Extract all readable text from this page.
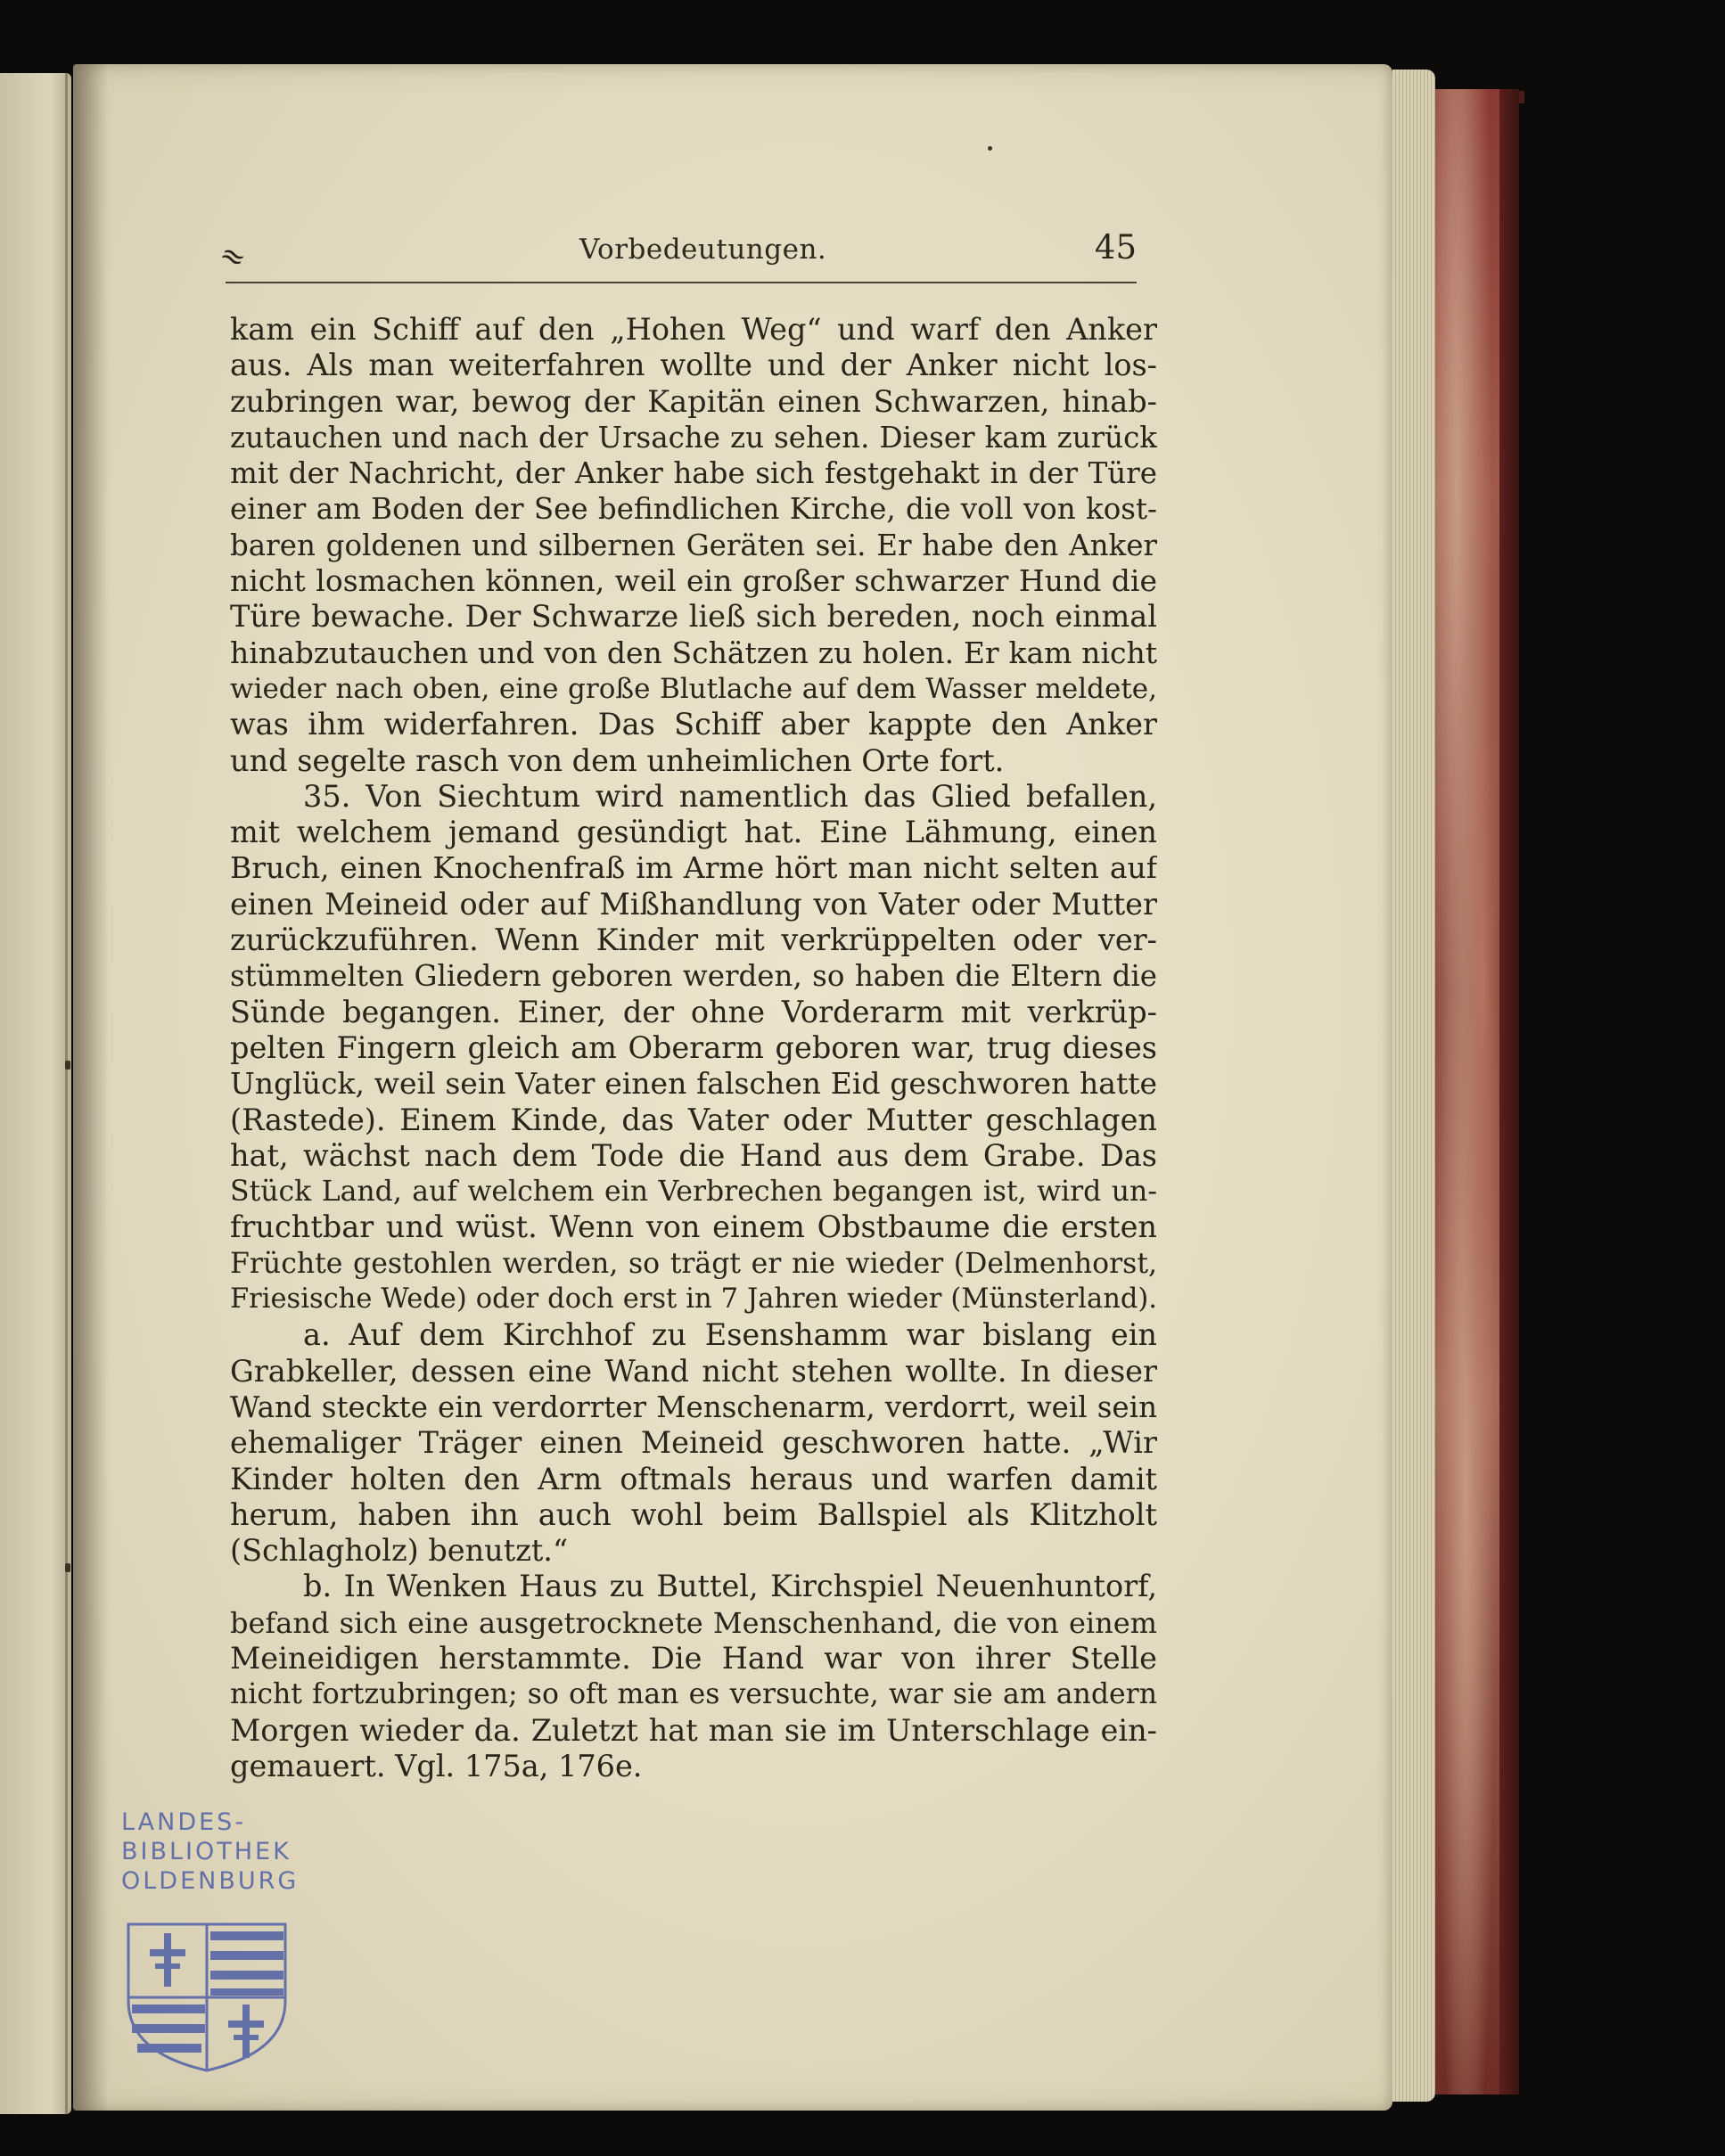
≈	Vorbedeutungen.	45
kam ein Schiff auf den „Hohen Weg“ und warf den Anker
aus. Als man weiterfahren wollte und der Anker nicht los-
zubringen war, bewog der Kapitän einen Schwarzen, hinab-
zutauchen und nach der Ursache zu sehen. Dieser kam zurück
mit der Nachricht, der Anker habe sich festgehakt in der Türe
einer am Boden der See befindlichen Kirche, die voll von kost-
baren goldenen und silbernen Geräten sei. Er habe den Anker
nicht losmachen können, weil ein großer schwarzer Hund die
Türe bewache. Der Schwarze ließ sich bereden, noch einmal
hinabzutauchen und von den Schätzen zu holen. Er kam nicht
wieder nach oben, eine große Blutlache auf dem Wasser meldete,
was ihm widerfahren. Das Schiff aber kappte den Anker
und segelte rasch von dem unheimlichen Orte fort.
35. Von Siechtum wird namentlich das Glied befallen,
mit welchem jemand gesündigt hat. Eine Lähmung, einen
Bruch, einen Knochenfraß im Arme hört man nicht selten auf
einen Meineid oder auf Mißhandlung von Vater oder Mutter
zurückzuführen. Wenn Kinder mit verkrüppelten oder ver-
stümmelten Gliedern geboren werden, so haben die Eltern die
Sünde begangen. Einer, der ohne Vorderarm mit verkrüp-
pelten Fingern gleich am Oberarm geboren war, trug dieses
Unglück, weil sein Vater einen falschen Eid geschworen hatte
(Rastede). Einem Kinde, das Vater oder Mutter geschlagen
hat, wächst nach dem Tode die Hand aus dem Grabe. Das
Stück Land, auf welchem ein Verbrechen begangen ist, wird un-
fruchtbar und wüst. Wenn von einem Obstbaume die ersten
Früchte gestohlen werden, so trägt er nie wieder (Delmenhorst,
Friesische Wede) oder doch erst in 7 Jahren wieder (Münsterland).
a. Auf dem Kirchhof zu Esenshamm war bislang ein
Grabkeller, dessen eine Wand nicht stehen wollte. In dieser
Wand steckte ein verdorrter Menschenarm, verdorrt, weil sein
ehemaliger Träger einen Meineid geschworen hatte. „Wir
Kinder holten den Arm oftmals heraus und warfen damit
herum, haben ihn auch wohl beim Ballspiel als Klitzholt
(Schlagholz) benutzt.“
b. In Wenken Haus zu Buttel, Kirchspiel Neuenhuntorf,
befand sich eine ausgetrocknete Menschenhand, die von einem
Meineidigen herstammte. Die Hand war von ihrer Stelle
nicht fortzubringen; so oft man es versuchte, war sie am andern
Morgen wieder da. Zuletzt hat man sie im Unterschlage ein-
gemauert. Vgl. 175a, 176e.
LANDES-
BIBLIOTHEK
OLDENBURG
